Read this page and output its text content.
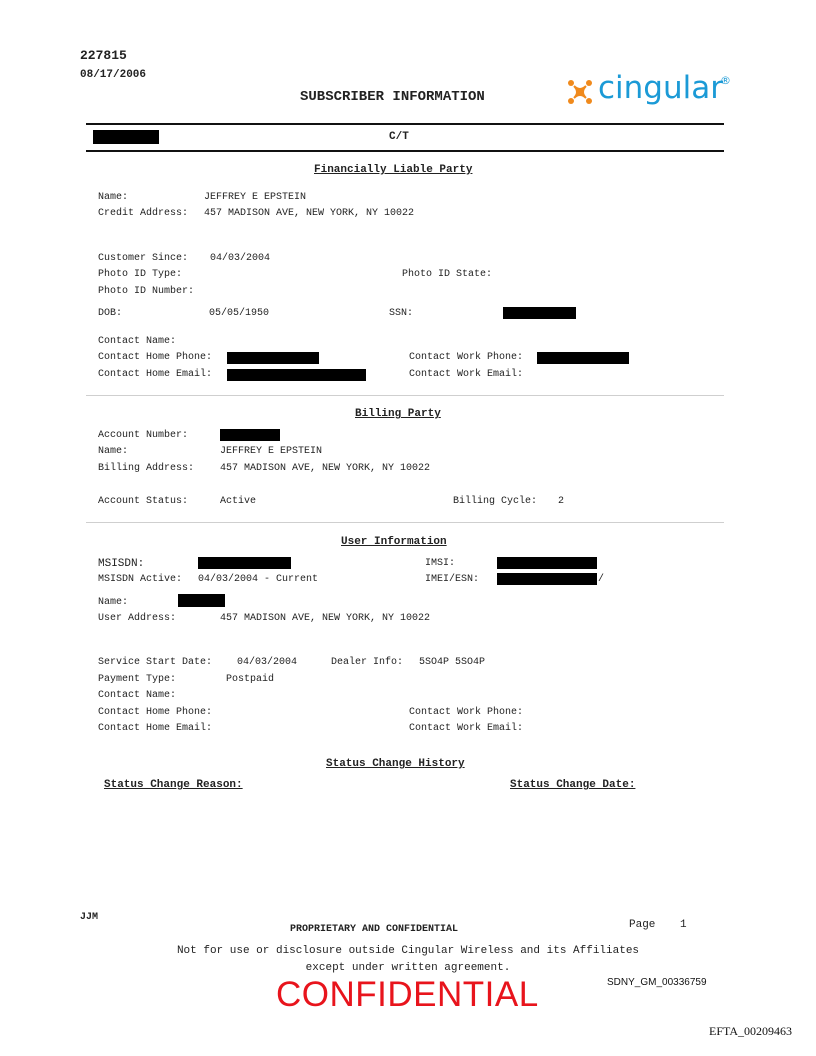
227815
08/17/2006
SUBSCRIBER INFORMATION	cingular
®
C/T
Financially Liable Party
Name:	JEFFREY E EPSTEIN
Credit Address: 457 MADISON AVE, NEW YORK, NY 10022
Customer Since: 04/03/2004
Photo ID Type:	Photo ID State:
Photo ID Number:
DOB:	05/05/1950	SSN:
Contact Name:
Contact Home Phone:	Contact Work Phone:
Contact Home Email:	Contact Work Email:
Billing Party
Account Number:
Name:	JEFFREY E EPSTEIN
Billing Address:	457 MADISON AVE, NEW YORK, NY 10022
Account Status:	Active	Billing Cycle: 2
User Information
MSISDN:	IMSI:
MSISDN Active: 04/03/2004 - Current	IMEI/ESN:	/
Name:
User Address:	457 MADISON AVE, NEW YORK, NY 10022
Service Start Date: 04/03/2004	Dealer Info: 5SO4P 5SO4P
Payment Type:	Postpaid
Contact Name:
Contact Home Phone:	Contact Work Phone:
Contact Home Email:	Contact Work Email:
Status Change History
Status Change Reason:	Status Change Date:
JJM
PROPRIETARY AND CONFIDENTIAL	Page 1
Not for use or disclosure outside Cingular Wireless and its Affiliates
except under written agreement.
CONFIDENTIAL	SDNY_GM_00336759
EFTA_00209463
